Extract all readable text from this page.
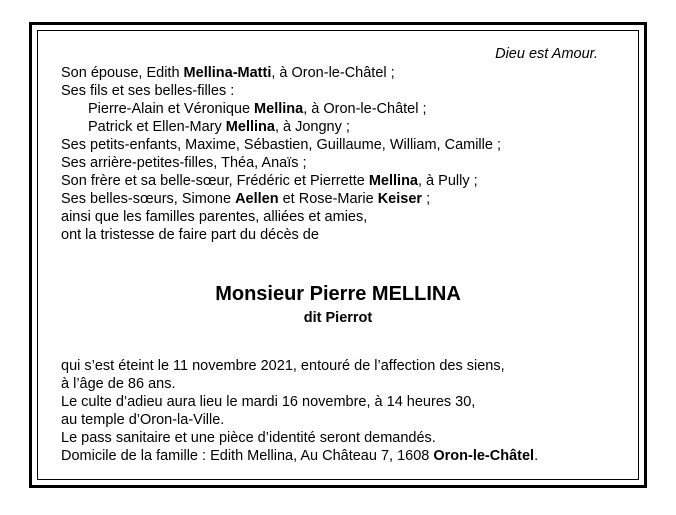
Dieu est Amour.
Son épouse, Edith Mellina-Matti, à Oron-le-Châtel ;
Ses fils et ses belles-filles :
Pierre-Alain et Véronique Mellina, à Oron-le-Châtel ;
Patrick et Ellen-Mary Mellina, à Jongny ;
Ses petits-enfants, Maxime, Sébastien, Guillaume, William, Camille ;
Ses arrière-petites-filles, Théa, Anaïs ;
Son frère et sa belle-sœur, Frédéric et Pierrette Mellina, à Pully ;
Ses belles-sœurs, Simone Aellen et Rose-Marie Keiser ;
ainsi que les familles parentes, alliées et amies,
ont la tristesse de faire part du décès de
Monsieur Pierre MELLINA
dit Pierrot
qui s’est éteint le 11 novembre 2021, entouré de l’affection des siens,
à l’âge de 86 ans.
Le culte d’adieu aura lieu le mardi 16 novembre, à 14 heures 30,
au temple d’Oron-la-Ville.
Le pass sanitaire et une pièce d’identité seront demandés.
Domicile de la famille : Edith Mellina, Au Château 7, 1608 Oron-le-Châtel.
